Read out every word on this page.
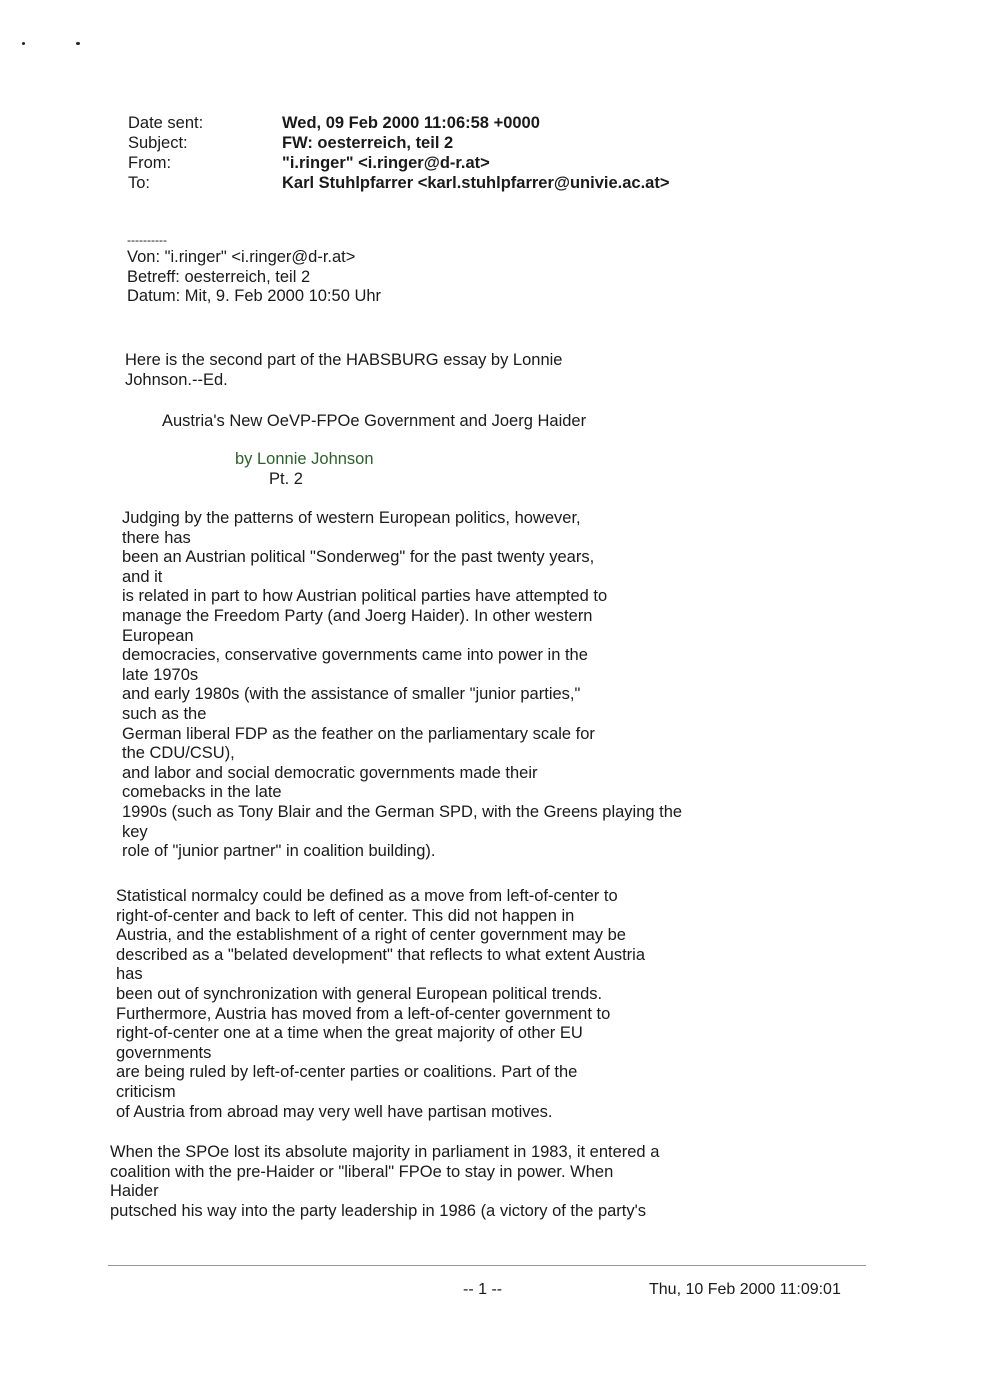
Date sent:	Wed, 09 Feb 2000 11:06:58 +0000
Subject:	FW: oesterreich, teil 2
From:	"i.ringer" <i.ringer@d-r.at>
To:	Karl Stuhlpfarrer <karl.stuhlpfarrer@univie.ac.at>
----------
Von: "i.ringer" <i.ringer@d-r.at>
Betreff: oesterreich, teil 2
Datum: Mit, 9. Feb 2000 10:50 Uhr
Here is the second part of the HABSBURG essay by Lonnie
Johnson.--Ed.
Austria's New OeVP-FPOe Government and Joerg Haider
by Lonnie Johnson
Pt. 2
Judging by the patterns of western European politics, however,
there has
been an Austrian political "Sonderweg" for the past twenty years,
and it
is related in part to how Austrian political parties have attempted to
manage the Freedom Party (and Joerg Haider). In other western
European
democracies, conservative governments came into power in the
late 1970s
and early 1980s (with the assistance of smaller "junior parties,"
such as the
German liberal FDP as the feather on the parliamentary scale for
the CDU/CSU),
and labor and social democratic governments made their
comebacks in the late
1990s (such as Tony Blair and the German SPD, with the Greens playing the
key
role of "junior partner" in coalition building).
Statistical normalcy could be defined as a move from left-of-center to
right-of-center and back to left of center. This did not happen in
Austria, and the establishment of a right of center government may be
described as a "belated development" that reflects to what extent Austria
has
been out of synchronization with general European political trends.
Furthermore, Austria has moved from a left-of-center government to
right-of-center one at a time when the great majority of other EU
governments
are being ruled by left-of-center parties or coalitions. Part of the
criticism
of Austria from abroad may very well have partisan motives.
When the SPOe lost its absolute majority in parliament in 1983, it entered a
coalition with the pre-Haider or "liberal" FPOe to stay in power. When
Haider
putsched his way into the party leadership in 1986 (a victory of the party's
-- 1 --	Thu, 10 Feb 2000 11:09:01
